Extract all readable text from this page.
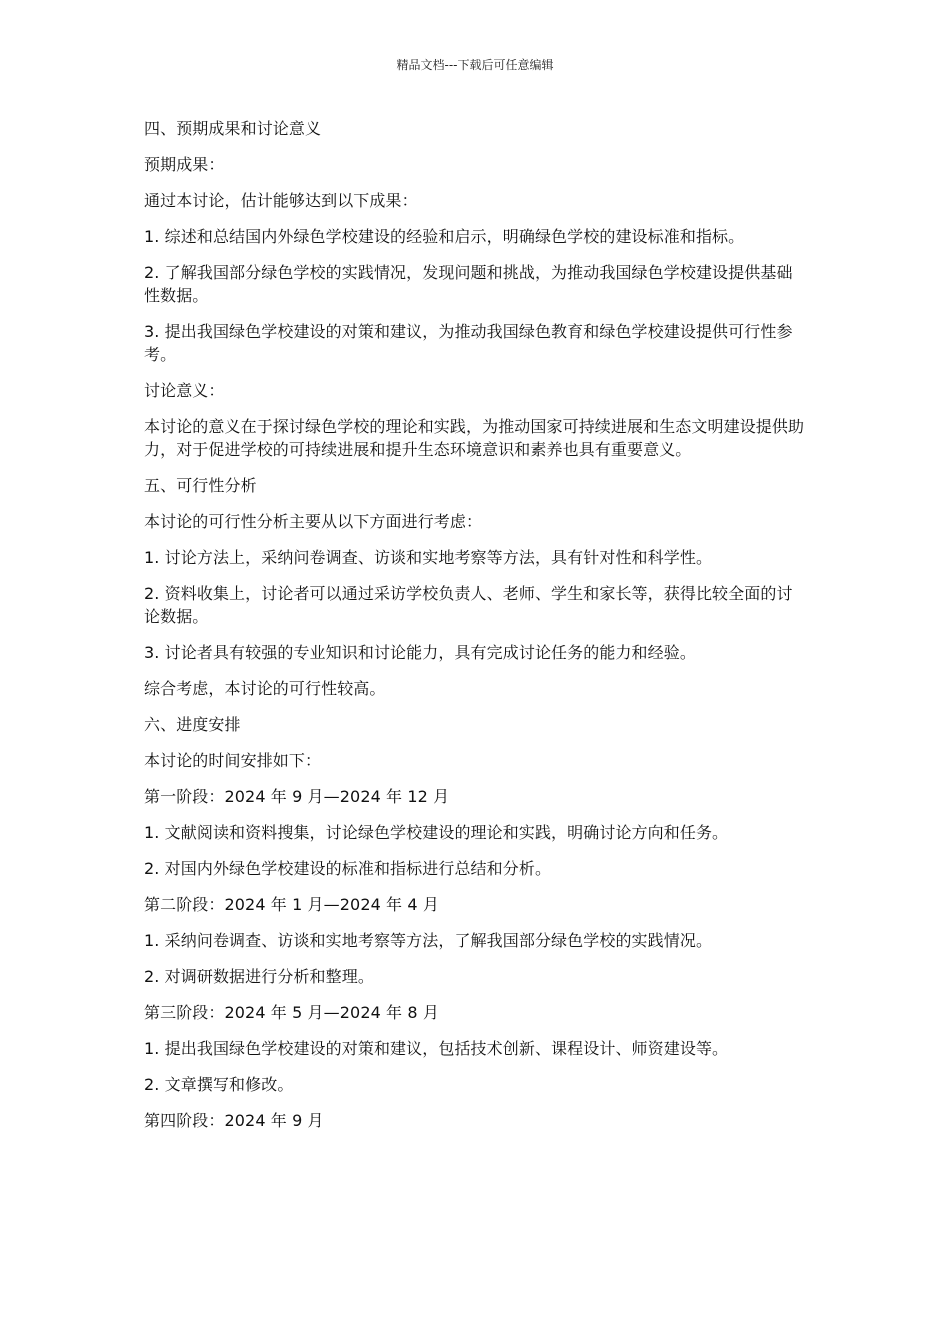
精品文档---下载后可任意编辑

四、预期成果和讨论意义

预期成果：

通过本讨论，估计能够达到以下成果：

1. 综述和总结国内外绿色学校建设的经验和启示，明确绿色学校的建设标准和指标。

2. 了解我国部分绿色学校的实践情况，发现问题和挑战，为推动我国绿色学校建设提供基础性数据。

3. 提出我国绿色学校建设的对策和建议，为推动我国绿色教育和绿色学校建设提供可行性参考。

讨论意义：

本讨论的意义在于探讨绿色学校的理论和实践，为推动国家可持续进展和生态文明建设提供助力，对于促进学校的可持续进展和提升生态环境意识和素养也具有重要意义。

五、可行性分析

本讨论的可行性分析主要从以下方面进行考虑：

1. 讨论方法上，采纳问卷调查、访谈和实地考察等方法，具有针对性和科学性。

2. 资料收集上，讨论者可以通过采访学校负责人、老师、学生和家长等，获得比较全面的讨论数据。

3. 讨论者具有较强的专业知识和讨论能力，具有完成讨论任务的能力和经验。

综合考虑，本讨论的可行性较高。

六、进度安排

本讨论的时间安排如下：

第一阶段：2024 年 9 月—2024 年 12 月

1. 文献阅读和资料搜集，讨论绿色学校建设的理论和实践，明确讨论方向和任务。

2. 对国内外绿色学校建设的标准和指标进行总结和分析。

第二阶段：2024 年 1 月—2024 年 4 月

1. 采纳问卷调查、访谈和实地考察等方法，了解我国部分绿色学校的实践情况。

2. 对调研数据进行分析和整理。

第三阶段：2024 年 5 月—2024 年 8 月

1. 提出我国绿色学校建设的对策和建议，包括技术创新、课程设计、师资建设等。

2. 文章撰写和修改。

第四阶段：2024 年 9 月
